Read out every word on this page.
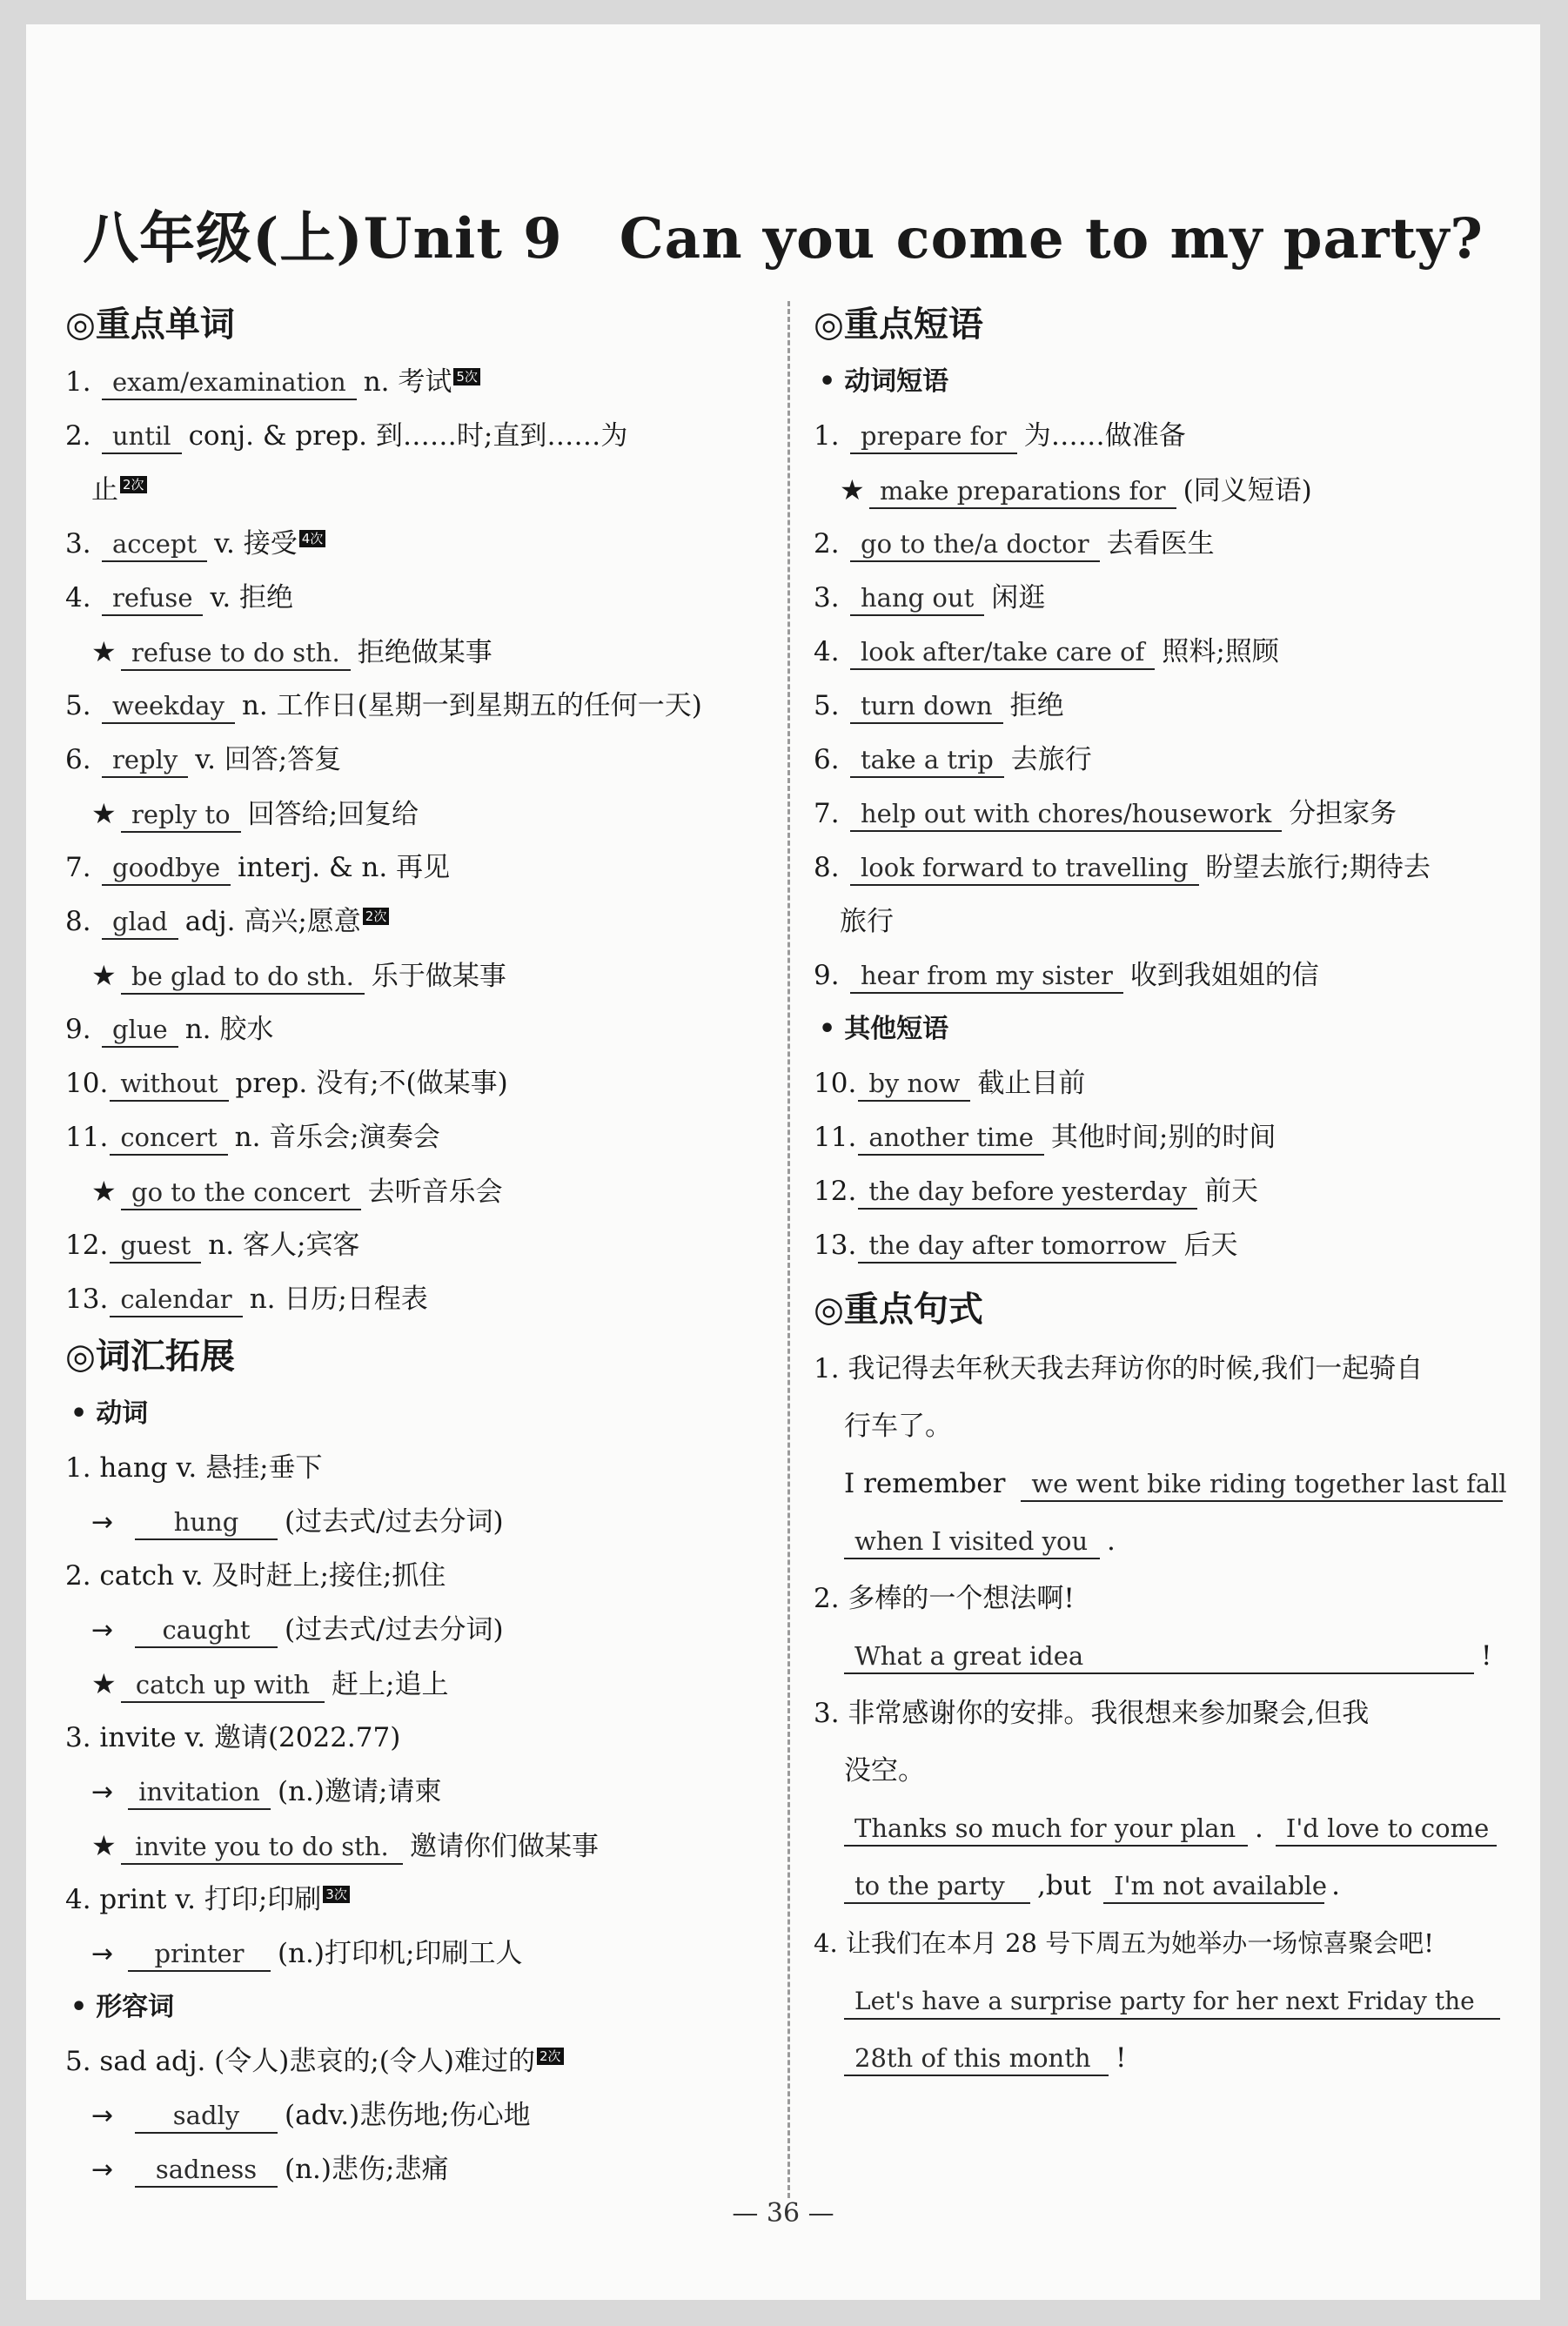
八年级(上)Unit 9　Can you come to my party?
◎重点单词
1. exam/examination n. 考试 5次
2. until conj. & prep. 到……时;直到……为
止 2次
3. accept v. 接受 4次
4. refuse v. 拒绝
★ refuse to do sth. 拒绝做某事
5. weekday n. 工作日(星期一到星期五的任何一天)
6. reply v. 回答;答复
★ reply to 回答给;回复给
7. goodbye interj. & n. 再见
8. glad adj. 高兴;愿意 2次
★ be glad to do sth. 乐于做某事
9. glue n. 胶水
10. without prep. 没有;不(做某事)
11. concert n. 音乐会;演奏会
★ go to the concert 去听音乐会
12. guest n. 客人;宾客
13. calendar n. 日历;日程表
◎词汇拓展
• 动词
1. hang v. 悬挂;垂下
→ hung (过去式/过去分词)
2. catch v. 及时赶上;接住;抓住
→ caught (过去式/过去分词)
★ catch up with 赶上;追上
3. invite v. 邀请(2022.77)
→ invitation (n.)邀请;请柬
★ invite you to do sth. 邀请你们做某事
4. print v. 打印;印刷 3次
→ printer (n.)打印机;印刷工人
• 形容词
5. sad adj. (令人)悲哀的;(令人)难过的 2次
→ sadly (adv.)悲伤地;伤心地
→ sadness (n.)悲伤;悲痛
◎重点短语
• 动词短语
1. prepare for 为……做准备
★ make preparations for (同义短语)
2. go to the/a doctor 去看医生
3. hang out 闲逛
4. look after/take care of 照料;照顾
5. turn down 拒绝
6. take a trip 去旅行
7. help out with chores/housework 分担家务
8. look forward to travelling 盼望去旅行;期待去
旅行
9. hear from my sister 收到我姐姐的信
• 其他短语
10. by now 截止目前
11. another time 其他时间;别的时间
12. the day before yesterday 前天
13. the day after tomorrow 后天
◎重点句式
1. 我记得去年秋天我去拜访你的时候,我们一起骑自
行车了。
I remember we went bike riding together last fall
when I visited you .
2. 多棒的一个想法啊!
What a great idea	!
3. 非常感谢你的安排。我很想来参加聚会,但我
没空。
Thanks so much for your plan . I'd love to come
to the party ,but I'm not available .
4. 让我们在本月 28 号下周五为她举办一场惊喜聚会吧!
Let's have a surprise party for her next Friday the
28th of this month !
— 36 —
